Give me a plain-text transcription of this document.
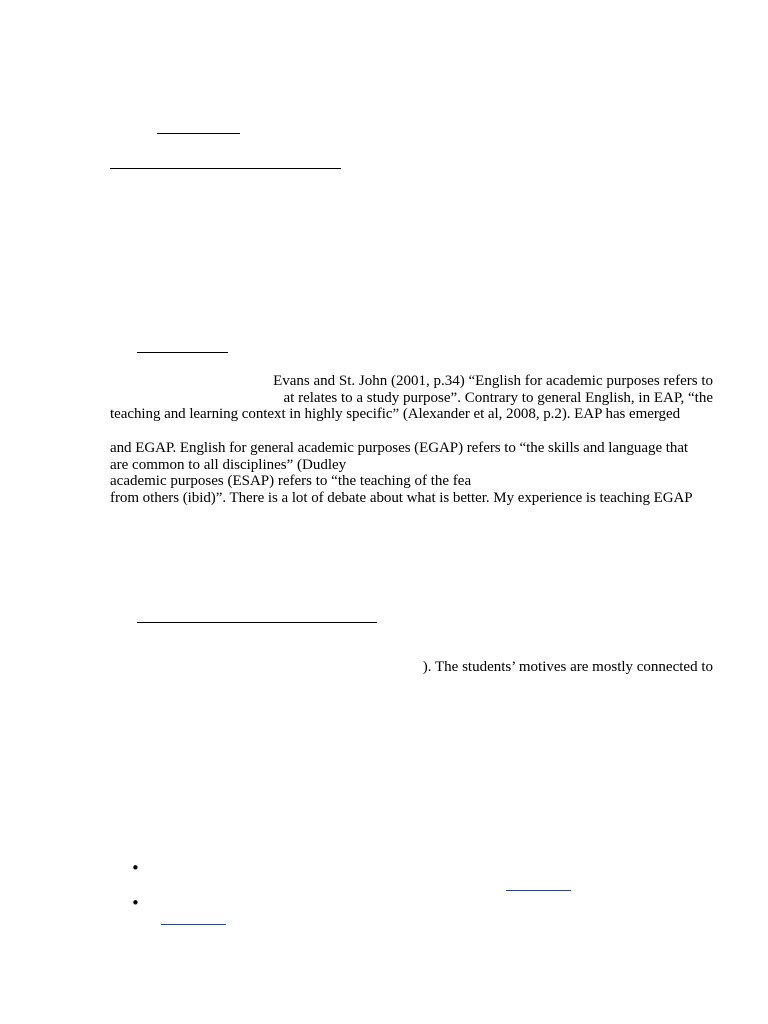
Evans and St. John (2001, p.34) “English for academic purposes refers to
at relates to a study purpose”. Contrary to general English, in EAP, “the
teaching and learning context in highly specific” (Alexander et al, 2008, p.2). EAP has emerged
and EGAP. English for general academic purposes (EGAP) refers to “the skills and language that
are common to all disciplines” (Dudley
academic purposes (ESAP) refers to “the teaching of the fea
from others (ibid)”. There is a lot of debate about what is better. My experience is teaching EGAP
). The students’ motives are mostly connected to
•
•
